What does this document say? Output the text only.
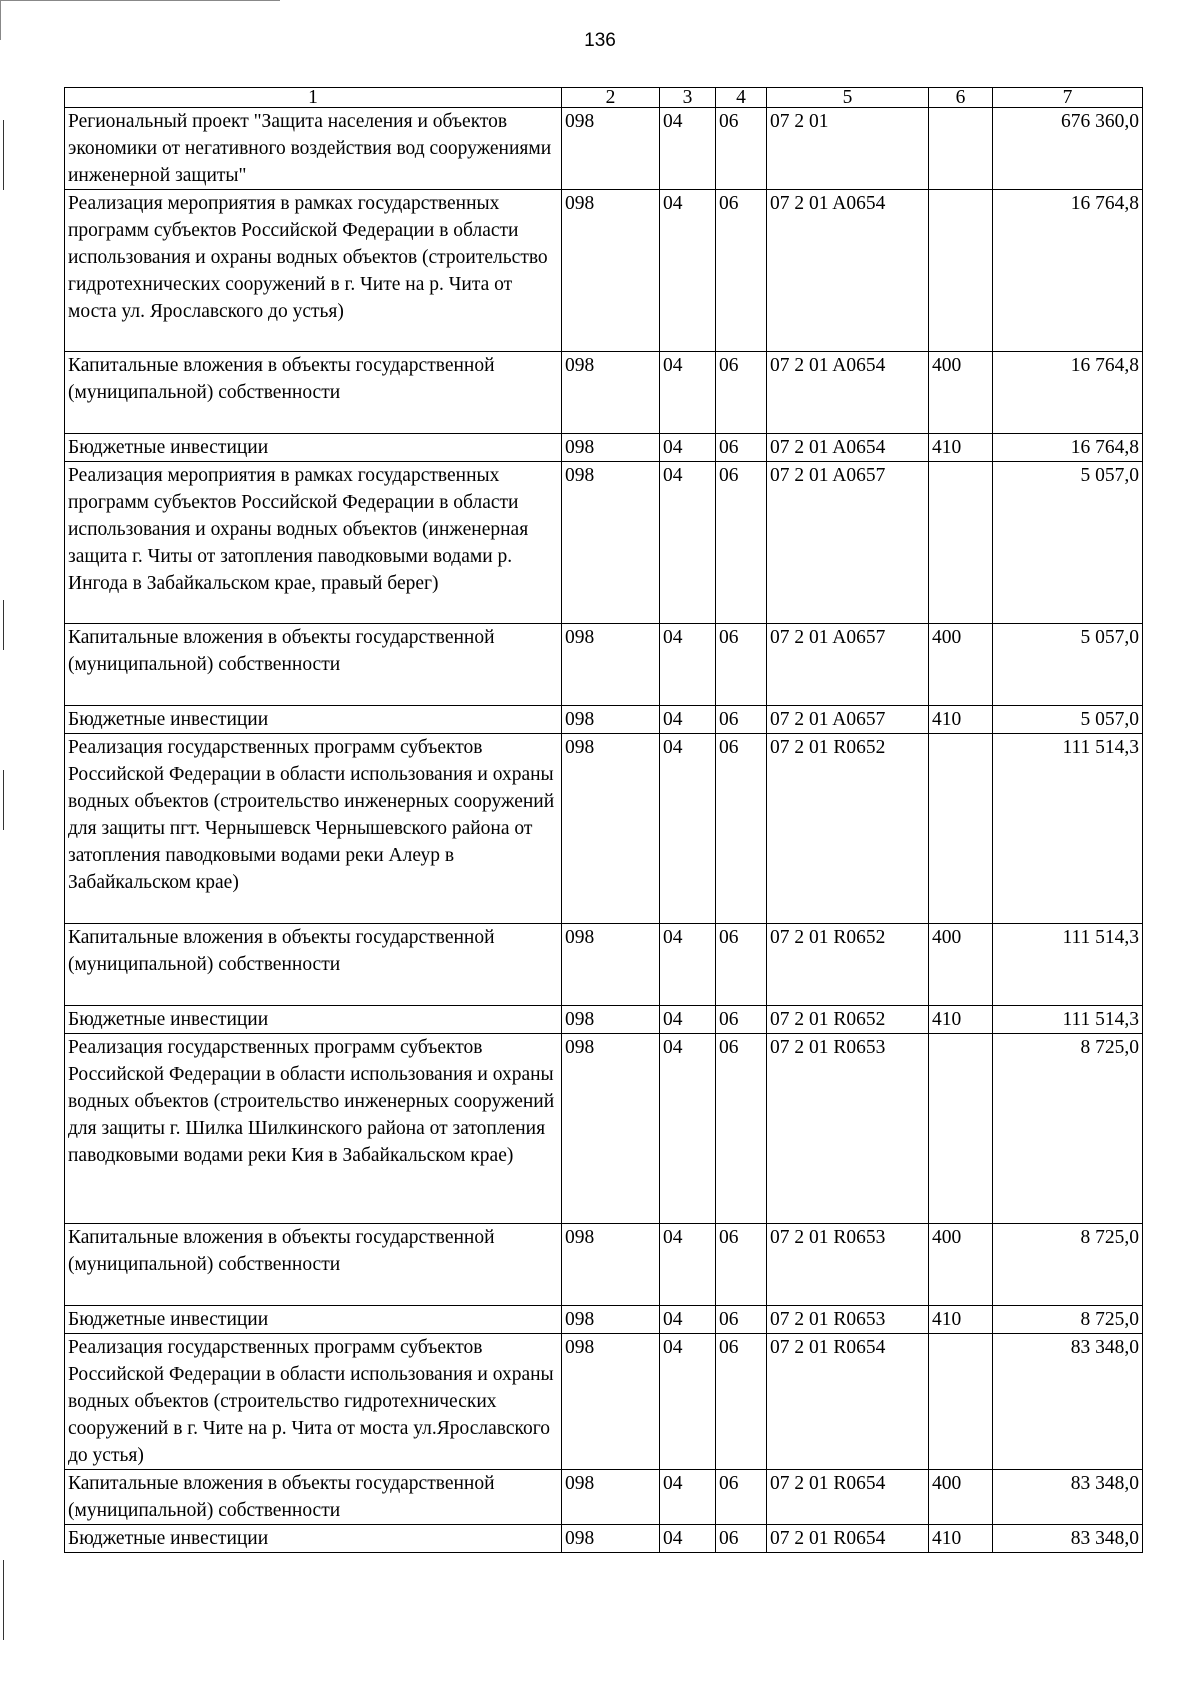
136
1	2	3	4	5	6	7
Региональный проект "Защита населения и объектов экономики от негативного воздействия вод сооружениями инженерной защиты"	098	04	06	07 2 01		676 360,0
Реализация мероприятия в рамках государственных программ субъектов Российской Федерации в области использования и охраны водных объектов (строительство гидротехнических сооружений в г. Чите на р. Чита от моста ул. Ярославского до устья)	098	04	06	07 2 01 A0654		16 764,8
Капитальные вложения в объекты государственной (муниципальной) собственности	098	04	06	07 2 01 A0654	400	16 764,8
Бюджетные инвестиции	098	04	06	07 2 01 A0654	410	16 764,8
Реализация мероприятия в рамках государственных программ субъектов Российской Федерации в области использования и охраны водных объектов (инженерная защита г. Читы от затопления паводковыми водами р. Ингода в Забайкальском крае, правый берег)	098	04	06	07 2 01 A0657		5 057,0
Капитальные вложения в объекты государственной (муниципальной) собственности	098	04	06	07 2 01 A0657	400	5 057,0
Бюджетные инвестиции	098	04	06	07 2 01 A0657	410	5 057,0
Реализация государственных программ субъектов Российской Федерации в области использования и охраны водных объектов (строительство инженерных сооружений для защиты пгт. Чернышевск Чернышевского района от затопления паводковыми водами реки Алеур в Забайкальском крае)	098	04	06	07 2 01 R0652		111 514,3
Капитальные вложения в объекты государственной (муниципальной) собственности	098	04	06	07 2 01 R0652	400	111 514,3
Бюджетные инвестиции	098	04	06	07 2 01 R0652	410	111 514,3
Реализация государственных программ субъектов Российской Федерации в области использования и охраны водных объектов (строительство инженерных сооружений для защиты г. Шилка Шилкинского района от затопления паводковыми водами реки Кия в Забайкальском крае)	098	04	06	07 2 01 R0653		8 725,0
Капитальные вложения в объекты государственной (муниципальной) собственности	098	04	06	07 2 01 R0653	400	8 725,0
Бюджетные инвестиции	098	04	06	07 2 01 R0653	410	8 725,0
Реализация государственных программ субъектов Российской Федерации в области использования и охраны водных объектов (строительство гидротехнических сооружений в г. Чите на р. Чита от моста ул.Ярославского до устья)	098	04	06	07 2 01 R0654		83 348,0
Капитальные вложения в объекты государственной (муниципальной) собственности	098	04	06	07 2 01 R0654	400	83 348,0
Бюджетные инвестиции	098	04	06	07 2 01 R0654	410	83 348,0
